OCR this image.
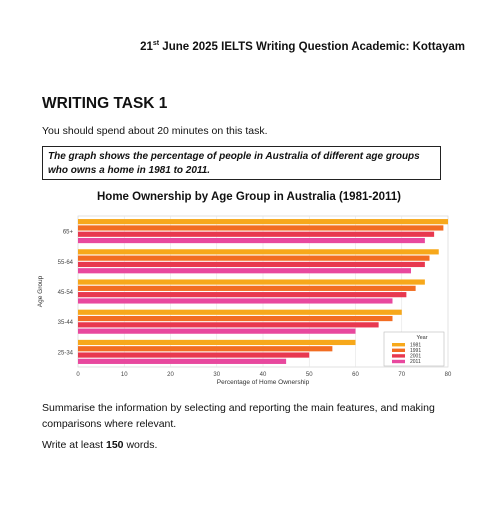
21st June 2025 IELTS Writing Question Academic: Kottayam
WRITING TASK 1
You should spend about 20 minutes on this task.
The graph shows the percentage of people in Australia of different age groups who owns a home in 1981 to 2011.
Home Ownership by Age Group in Australia (1981-2011)
0	10	20	30	40	50	60	70	80
65+
55-64
45-54
35-44
25-34
Percentage of Home Ownership
Age Group
Year
1981
1991
2001
2011
Summarise the information by selecting and reporting the main features, and making comparisons where relevant.
Write at least 150 words.
